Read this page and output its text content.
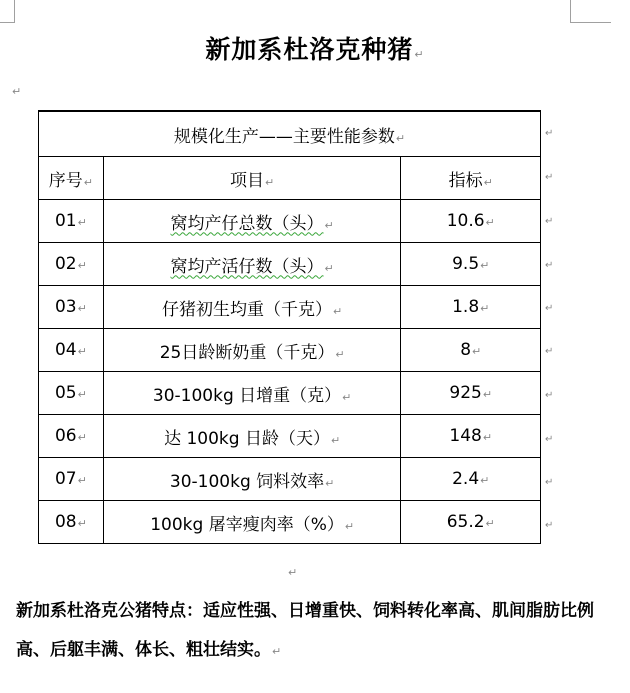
新加系杜洛克种猪↵
↵
规模化生产——主要性能参数↵		
序号↵	项目↵	指标↵
01↵	窝均产仔总数（头）↵	10.6↵
02↵	窝均产活仔数（头）↵	9.5↵
03↵	仔猪初生均重（千克）↵	1.8↵
04↵	25日龄断奶重（千克）↵	8↵
05↵	30-100kg 日增重（克）↵	925↵
06↵	达 100kg 日龄（天）↵	148↵
07↵	30-100kg 饲料效率↵	2.4↵
08↵	100kg 屠宰瘦肉率（%）↵	65.2↵
↵
↵
↵
↵
↵
↵
↵
↵
↵
↵
↵
新加系杜洛克公猪特点：适应性强、日增重快、饲料转化率高、肌间脂肪比例高、后躯丰满、体长、粗壮结实。↵
